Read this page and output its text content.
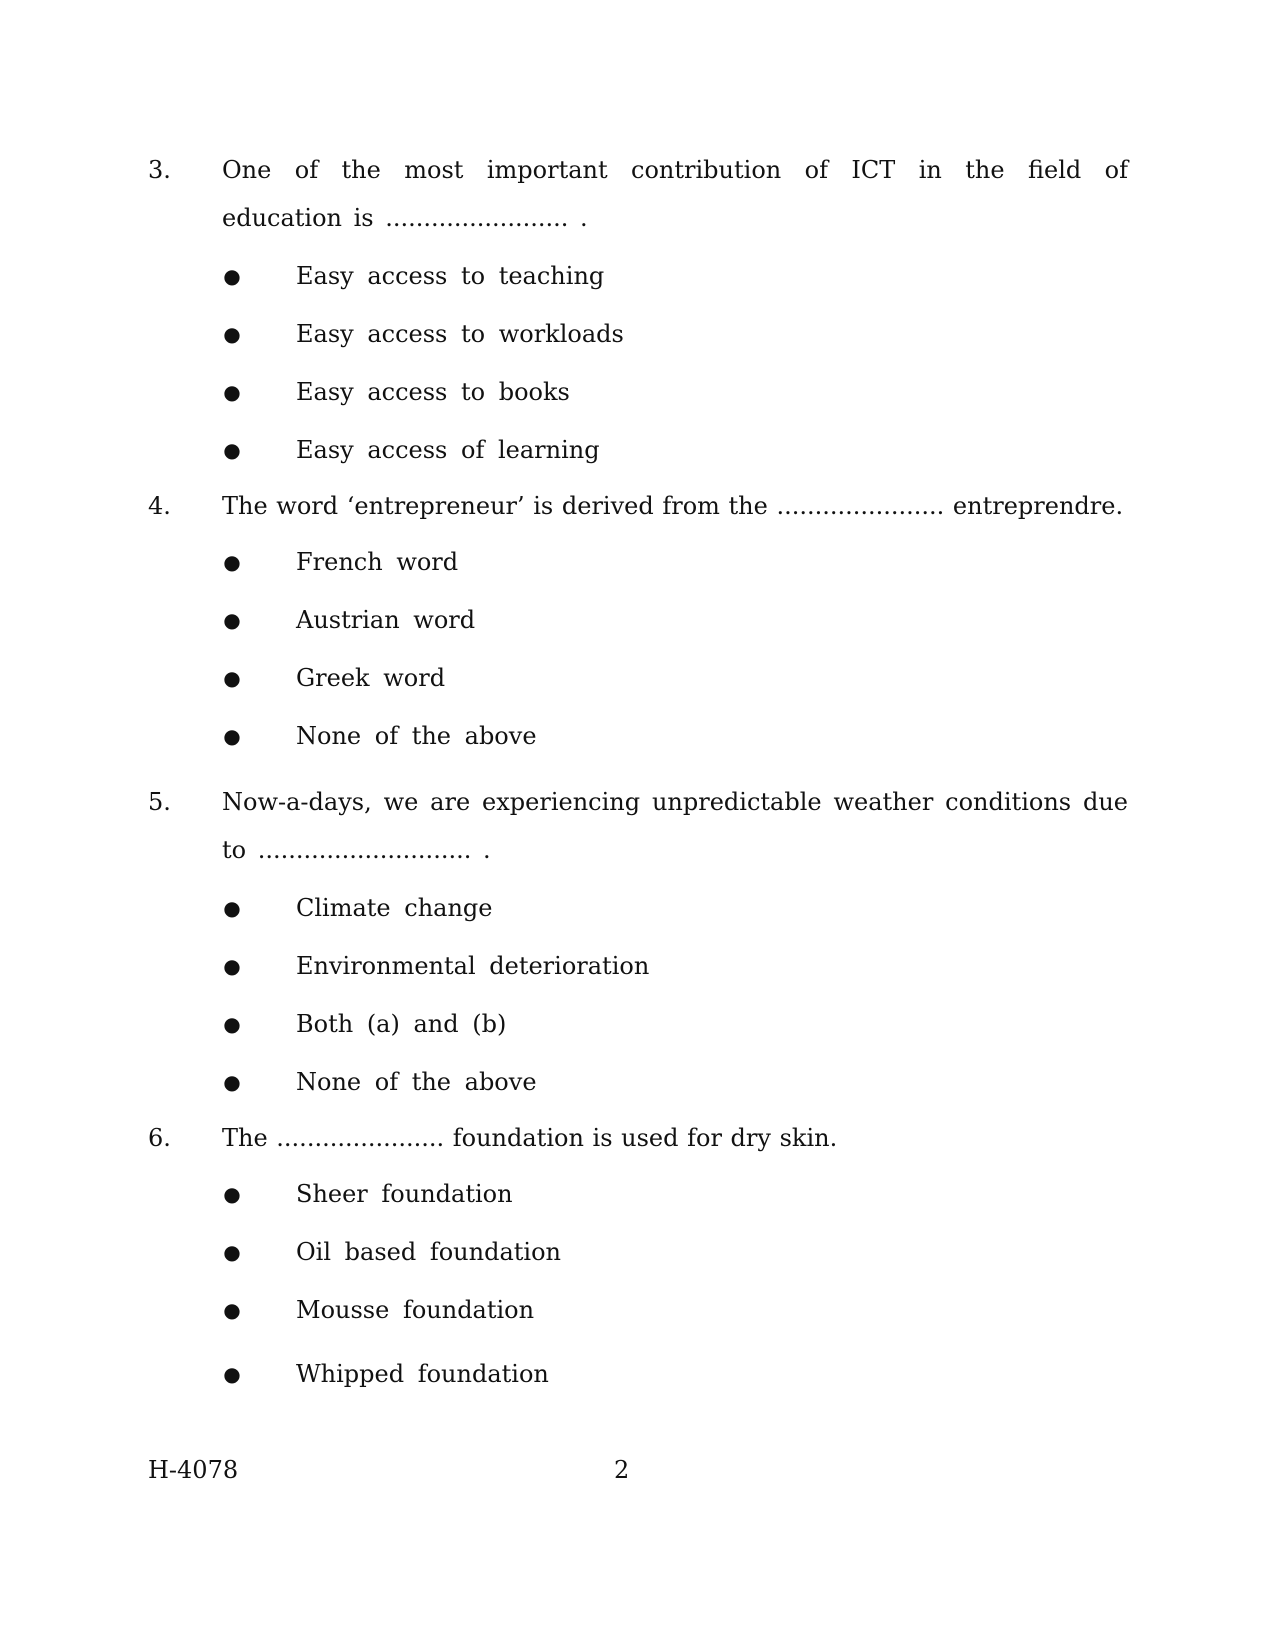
3. One of the most important contribution of ICT in the field of education is ........................ .
● Easy access to teaching
● Easy access to workloads
● Easy access to books
● Easy access of learning
4. The word ‘entrepreneur’ is derived from the ...................... entreprendre.
● French word
● Austrian word
● Greek word
● None of the above
5. Now-a-days, we are experiencing unpredictable weather conditions due to ............................ .
● Climate change
● Environmental deterioration
● Both (a) and (b)
● None of the above
6. The ...................... foundation is used for dry skin.
● Sheer foundation
● Oil based foundation
● Mousse foundation
● Whipped foundation
H-4078	2
